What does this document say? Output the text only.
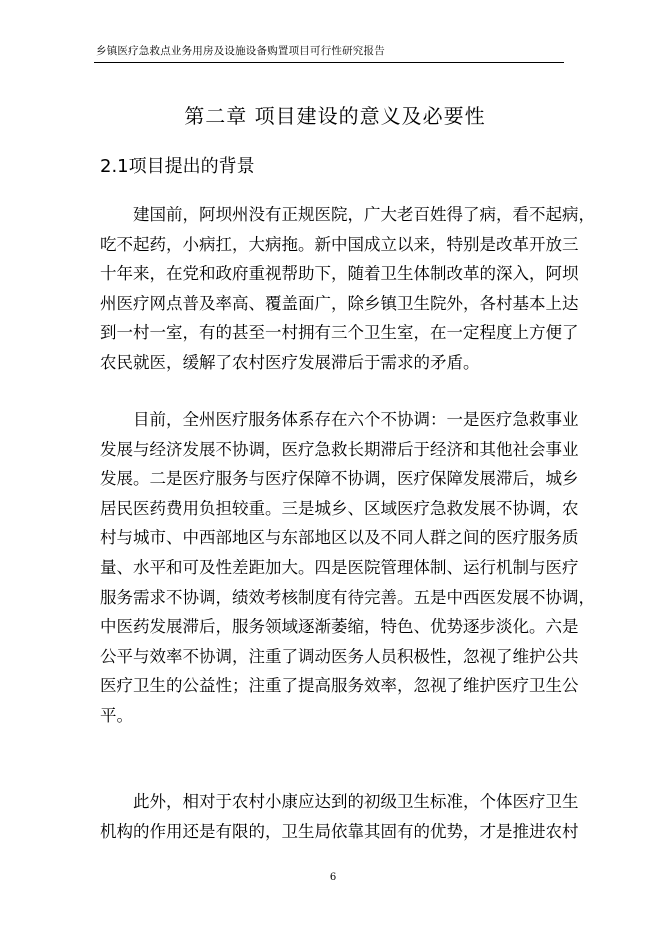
乡镇医疗急救点业务用房及设施设备购置项目可行性研究报告
第二章 项目建设的意义及必要性
2.1项目提出的背景
建国前，阿坝州没有正规医院，广大老百姓得了病，看不起病，
吃不起药，小病扛，大病拖。新中国成立以来，特别是改革开放三
十年来，在党和政府重视帮助下，随着卫生体制改革的深入，阿坝
州医疗网点普及率高、覆盖面广，除乡镇卫生院外，各村基本上达
到一村一室，有的甚至一村拥有三个卫生室，在一定程度上方便了
农民就医，缓解了农村医疗发展滞后于需求的矛盾。
目前，全州医疗服务体系存在六个不协调：一是医疗急救事业
发展与经济发展不协调，医疗急救长期滞后于经济和其他社会事业
发展。二是医疗服务与医疗保障不协调，医疗保障发展滞后，城乡
居民医药费用负担较重。三是城乡、区域医疗急救发展不协调，农
村与城市、中西部地区与东部地区以及不同人群之间的医疗服务质
量、水平和可及性差距加大。四是医院管理体制、运行机制与医疗
服务需求不协调，绩效考核制度有待完善。五是中西医发展不协调，
中医药发展滞后，服务领域逐渐萎缩，特色、优势逐步淡化。六是
公平与效率不协调，注重了调动医务人员积极性，忽视了维护公共
医疗卫生的公益性；注重了提高服务效率，忽视了维护医疗卫生公
平。
此外，相对于农村小康应达到的初级卫生标准，个体医疗卫生
机构的作用还是有限的，卫生局依靠其固有的优势，才是推进农村
6
